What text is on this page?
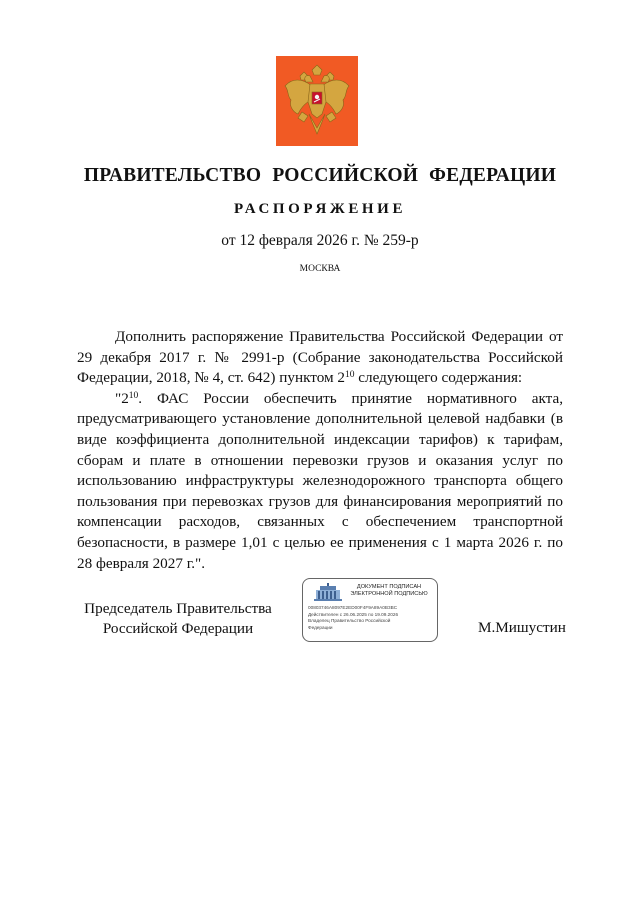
ПРАВИТЕЛЬСТВО РОССИЙСКОЙ ФЕДЕРАЦИИ
РАСПОРЯЖЕНИЕ

от 12 февраля 2026 г. № 259-р

МОСКВА

Дополнить распоряжение Правительства Российской Федерации от 29 декабря 2017 г. № 2991-р (Собрание законодательства Российской Федерации, 2018, № 4, ст. 642) пунктом $2^{10}$ следующего содержания:

"$2^{10}$. ФАС России обеспечить принятие нормативного акта, предусматривающего установление дополнительной целевой надбавки (в виде коэффициента дополнительной индексации тарифов) к тарифам, сборам и плате в отношении перевозки грузов и оказания услуг по использованию инфраструктуры железнодорожного транспорта общего пользования при перевозках грузов для финансирования мероприятий по компенсации расходов, связанных с обеспечением транспортной безопасности, в размере 1,01 с целью ее применения с 1 марта 2026 г. по 28 февраля 2027 г.".

Председатель Правительства
Российской Федерации
ДОКУМЕНТ ПОДПИСАН
ЭЛЕКТРОННОЙ ПОДПИСЬЮ
00803746A8097E2ED00F4F9A89A0B3BC
Действителен с 26.06.2025 по 19.09.2026
Владелец Правительство Российской
Федерации	М.Мишустин
